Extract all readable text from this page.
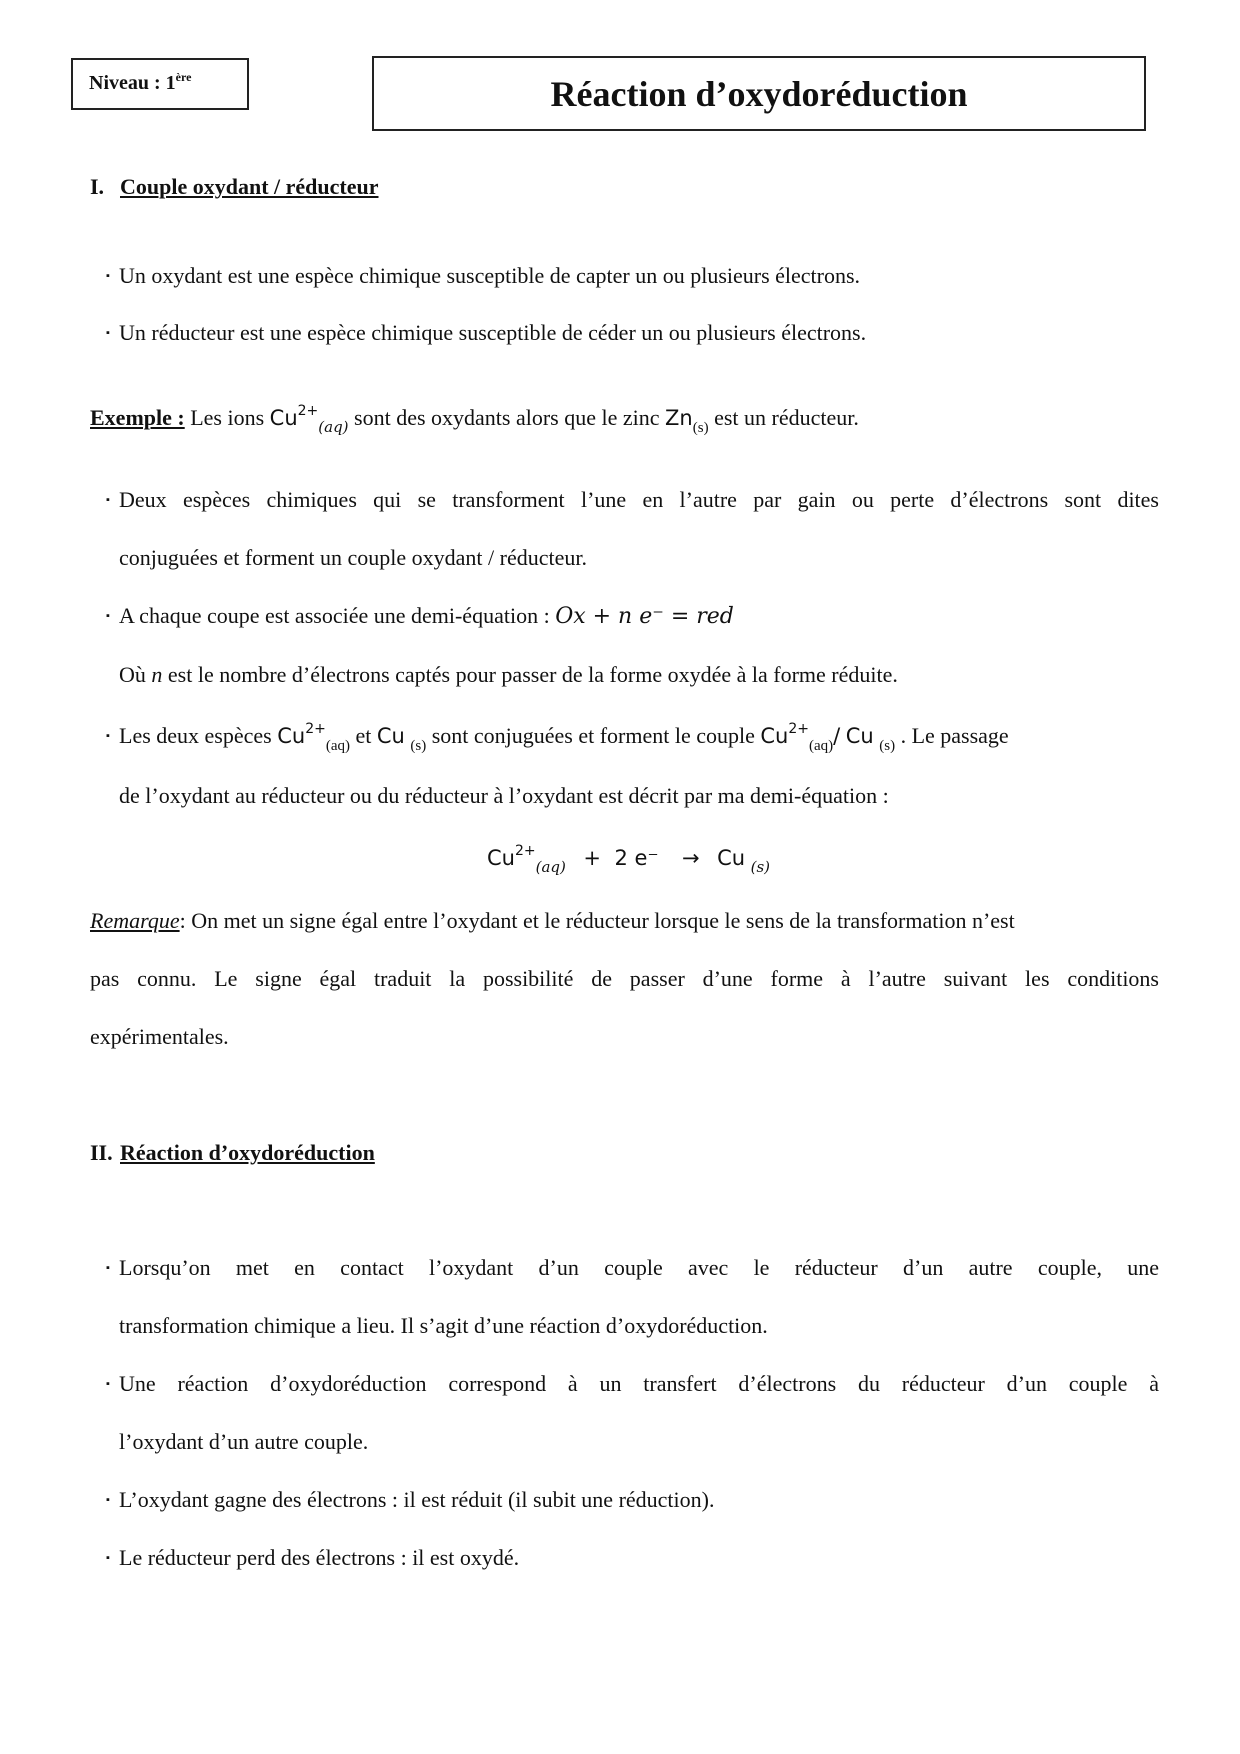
Niveau : 1ère	Réaction d’oxydoréduction
I. Couple oxydant / réducteur
▪ Un oxydant est une espèce chimique susceptible de capter un ou plusieurs électrons.
▪ Un réducteur est une espèce chimique susceptible de céder un ou plusieurs électrons.
Exemple : Les ions $Cu^{2+}_{(aq)}$ sont des oxydants alors que le zinc $Zn_{(s)}$ est un réducteur.
▪ Deux espèces chimiques qui se transforment l’une en l’autre par gain ou perte d’électrons sont dites
conjuguées et forment un couple oxydant / réducteur.
▪ A chaque coupe est associée une demi-équation : Ox + n e⁻ = red
Où n est le nombre d’électrons captés pour passer de la forme oxydée à la forme réduite.
▪ Les deux espèces $Cu^{2+}_{(aq)}$ et Cu $_{(s)}$ sont conjuguées et forment le couple $Cu^{2+}_{(aq)}/$ Cu $_{(s)}$ . Le passage
de l’oxydant au réducteur ou du réducteur à l’oxydant est décrit par ma demi-équation :
$Cu^{2+}_{(aq)} + 2$ e⁻ → Cu $_{(s)}$
Remarque: On met un signe égal entre l’oxydant et le réducteur lorsque le sens de la transformation n’est
pas connu. Le signe égal traduit la possibilité de passer d’une forme à l’autre suivant les conditions
expérimentales.
II. Réaction d’oxydoréduction
▪ Lorsqu’on met en contact l’oxydant d’un couple avec le réducteur d’un autre couple, une
transformation chimique a lieu. Il s’agit d’une réaction d’oxydoréduction.
▪ Une réaction d’oxydoréduction correspond à un transfert d’électrons du réducteur d’un couple à
l’oxydant d’un autre couple.
▪ L’oxydant gagne des électrons : il est réduit (il subit une réduction).
▪ Le réducteur perd des électrons : il est oxydé.
